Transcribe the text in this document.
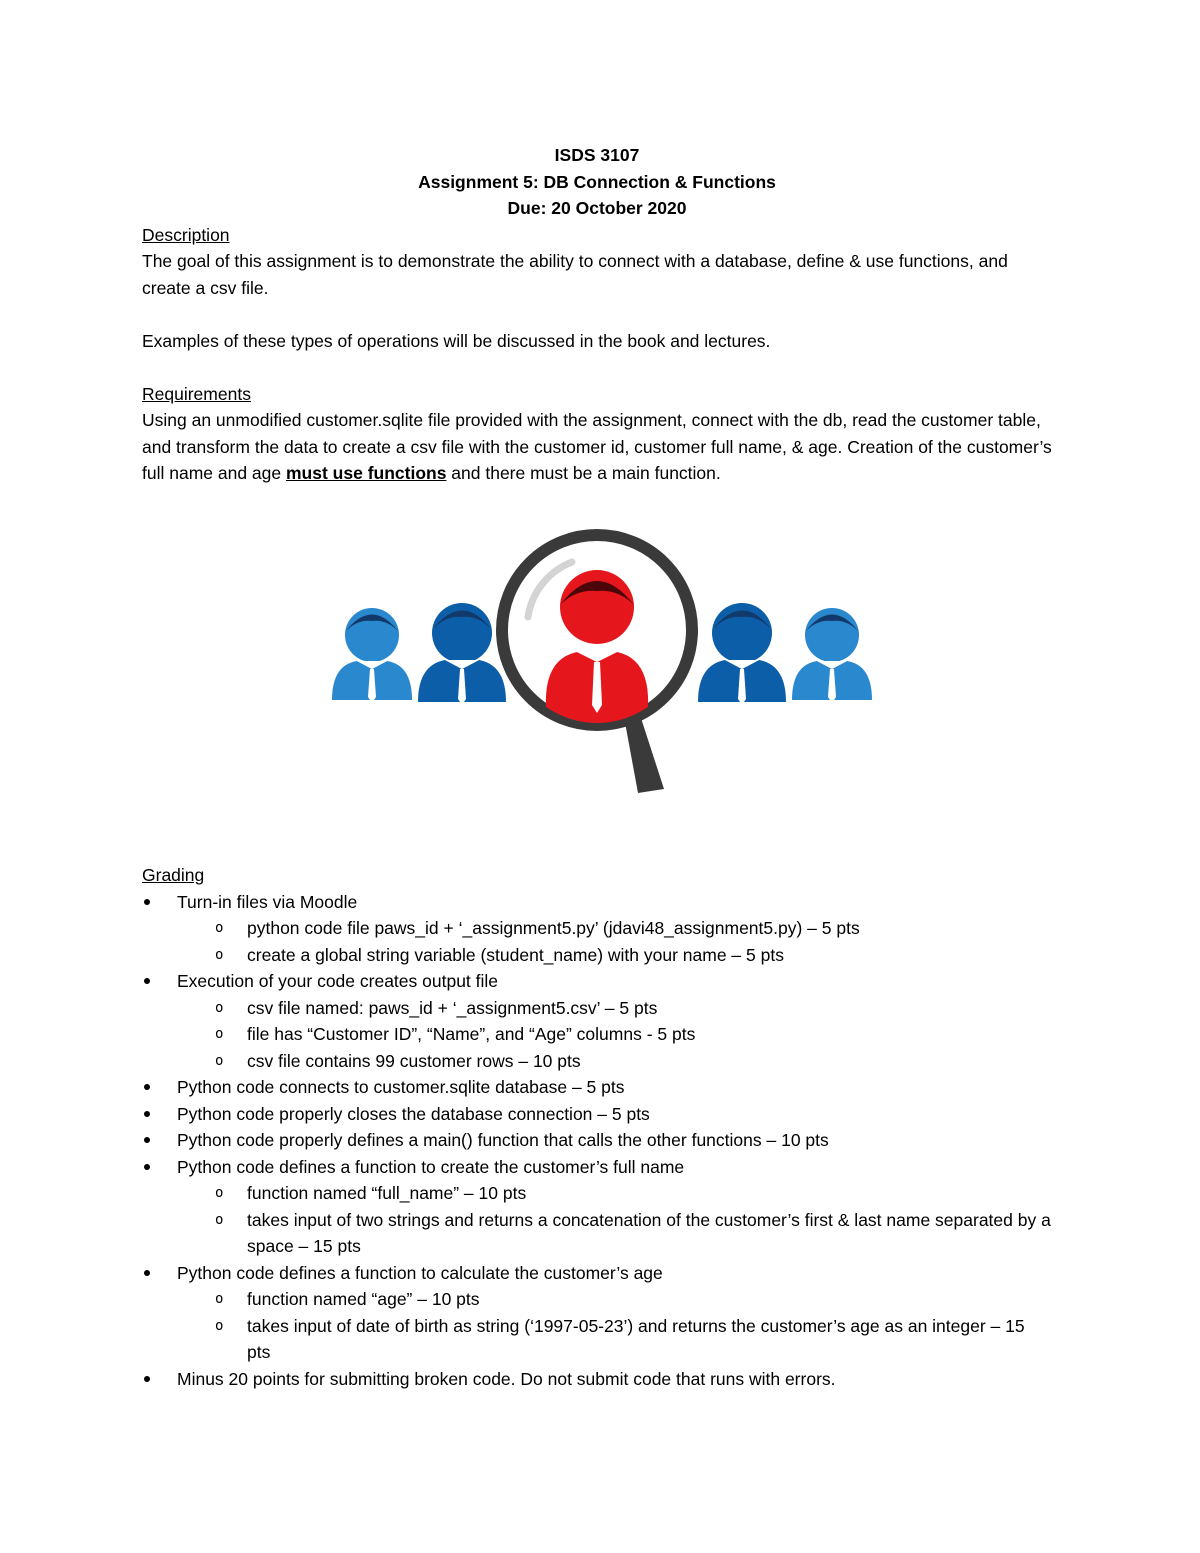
ISDS 3107

Assignment 5: DB Connection & Functions

Due: 20 October 2020

Description

The goal of this assignment is to demonstrate the ability to connect with a database, define & use functions, and create a csv file.

Examples of these types of operations will be discussed in the book and lectures.

Requirements

Using an unmodified customer.sqlite file provided with the assignment, connect with the db, read the customer table, and transform the data to create a csv file with the customer id, customer full name, & age. Creation of the customer’s full name and age must use functions and there must be a main function.

Grading

Turn-in files via Moodle
o python code file paws_id + ‘_assignment5.py’ (jdavi48_assignment5.py) – 5 pts
o create a global string variable (student_name) with your name – 5 pts
Execution of your code creates output file
o csv file named: paws_id + ‘_assignment5.csv’ – 5 pts
o file has “Customer ID”, “Name”, and “Age” columns - 5 pts
o csv file contains 99 customer rows – 10 pts
Python code connects to customer.sqlite database – 5 pts
Python code properly closes the database connection – 5 pts
Python code properly defines a main() function that calls the other functions – 10 pts
Python code defines a function to create the customer’s full name
o function named “full_name” – 10 pts
o takes input of two strings and returns a concatenation of the customer’s first & last name separated by a space – 15 pts
Python code defines a function to calculate the customer’s age
o function named “age” – 10 pts
o takes input of date of birth as string (‘1997-05-23’) and returns the customer’s age as an integer – 15 pts
Minus 20 points for submitting broken code. Do not submit code that runs with errors.
